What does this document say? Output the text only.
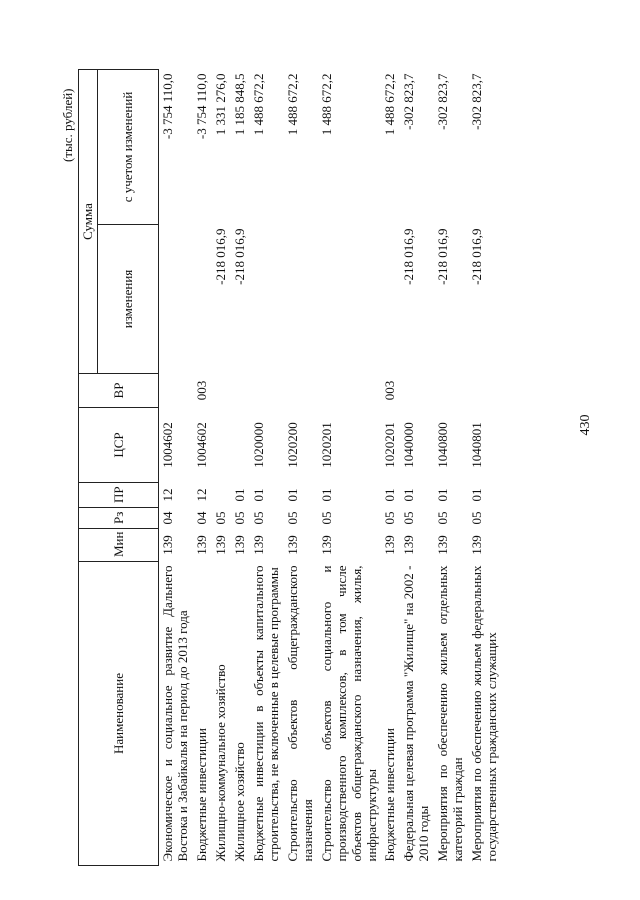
430
(тыс. рублей)
Наименование	Мин	Рз	ПР	ЦСР	ВР	Сумма	
						изменения	с учетом изменений
Экономическое и социальное развитие Дальнего Востока и Забайкалья на период до 2013 года	139	04	12	1004602			-3 754 110,0
Бюджетные инвестиции	139	04	12	1004602	003		-3 754 110,0
Жилищно-коммунальное хозяйство	139	05				-218 016,9	1 331 276,0
Жилищное хозяйство	139	05	01			-218 016,9	1 185 848,5
Бюджетные инвестиции в объекты капитального строительства, не включенные в целевые программы	139	05	01	1020000			1 488 672,2
Строительство объектов общегражданского назначения	139	05	01	1020200			1 488 672,2
Строительство объектов социального и производственного комплексов, в том числе объектов общегражданского назначения, жилья, инфраструктуры	139	05	01	1020201			1 488 672,2
Бюджетные инвестиции	139	05	01	1020201	003		1 488 672,2
Федеральная целевая программа "Жилище" на 2002 - 2010 годы	139	05	01	1040000		-218 016,9	-302 823,7
Мероприятия по обеспечению жильем отдельных категорий граждан	139	05	01	1040800		-218 016,9	-302 823,7
Мероприятия по обеспечению жильем федеральных государственных гражданских служащих	139	05	01	1040801		-218 016,9	-302 823,7
